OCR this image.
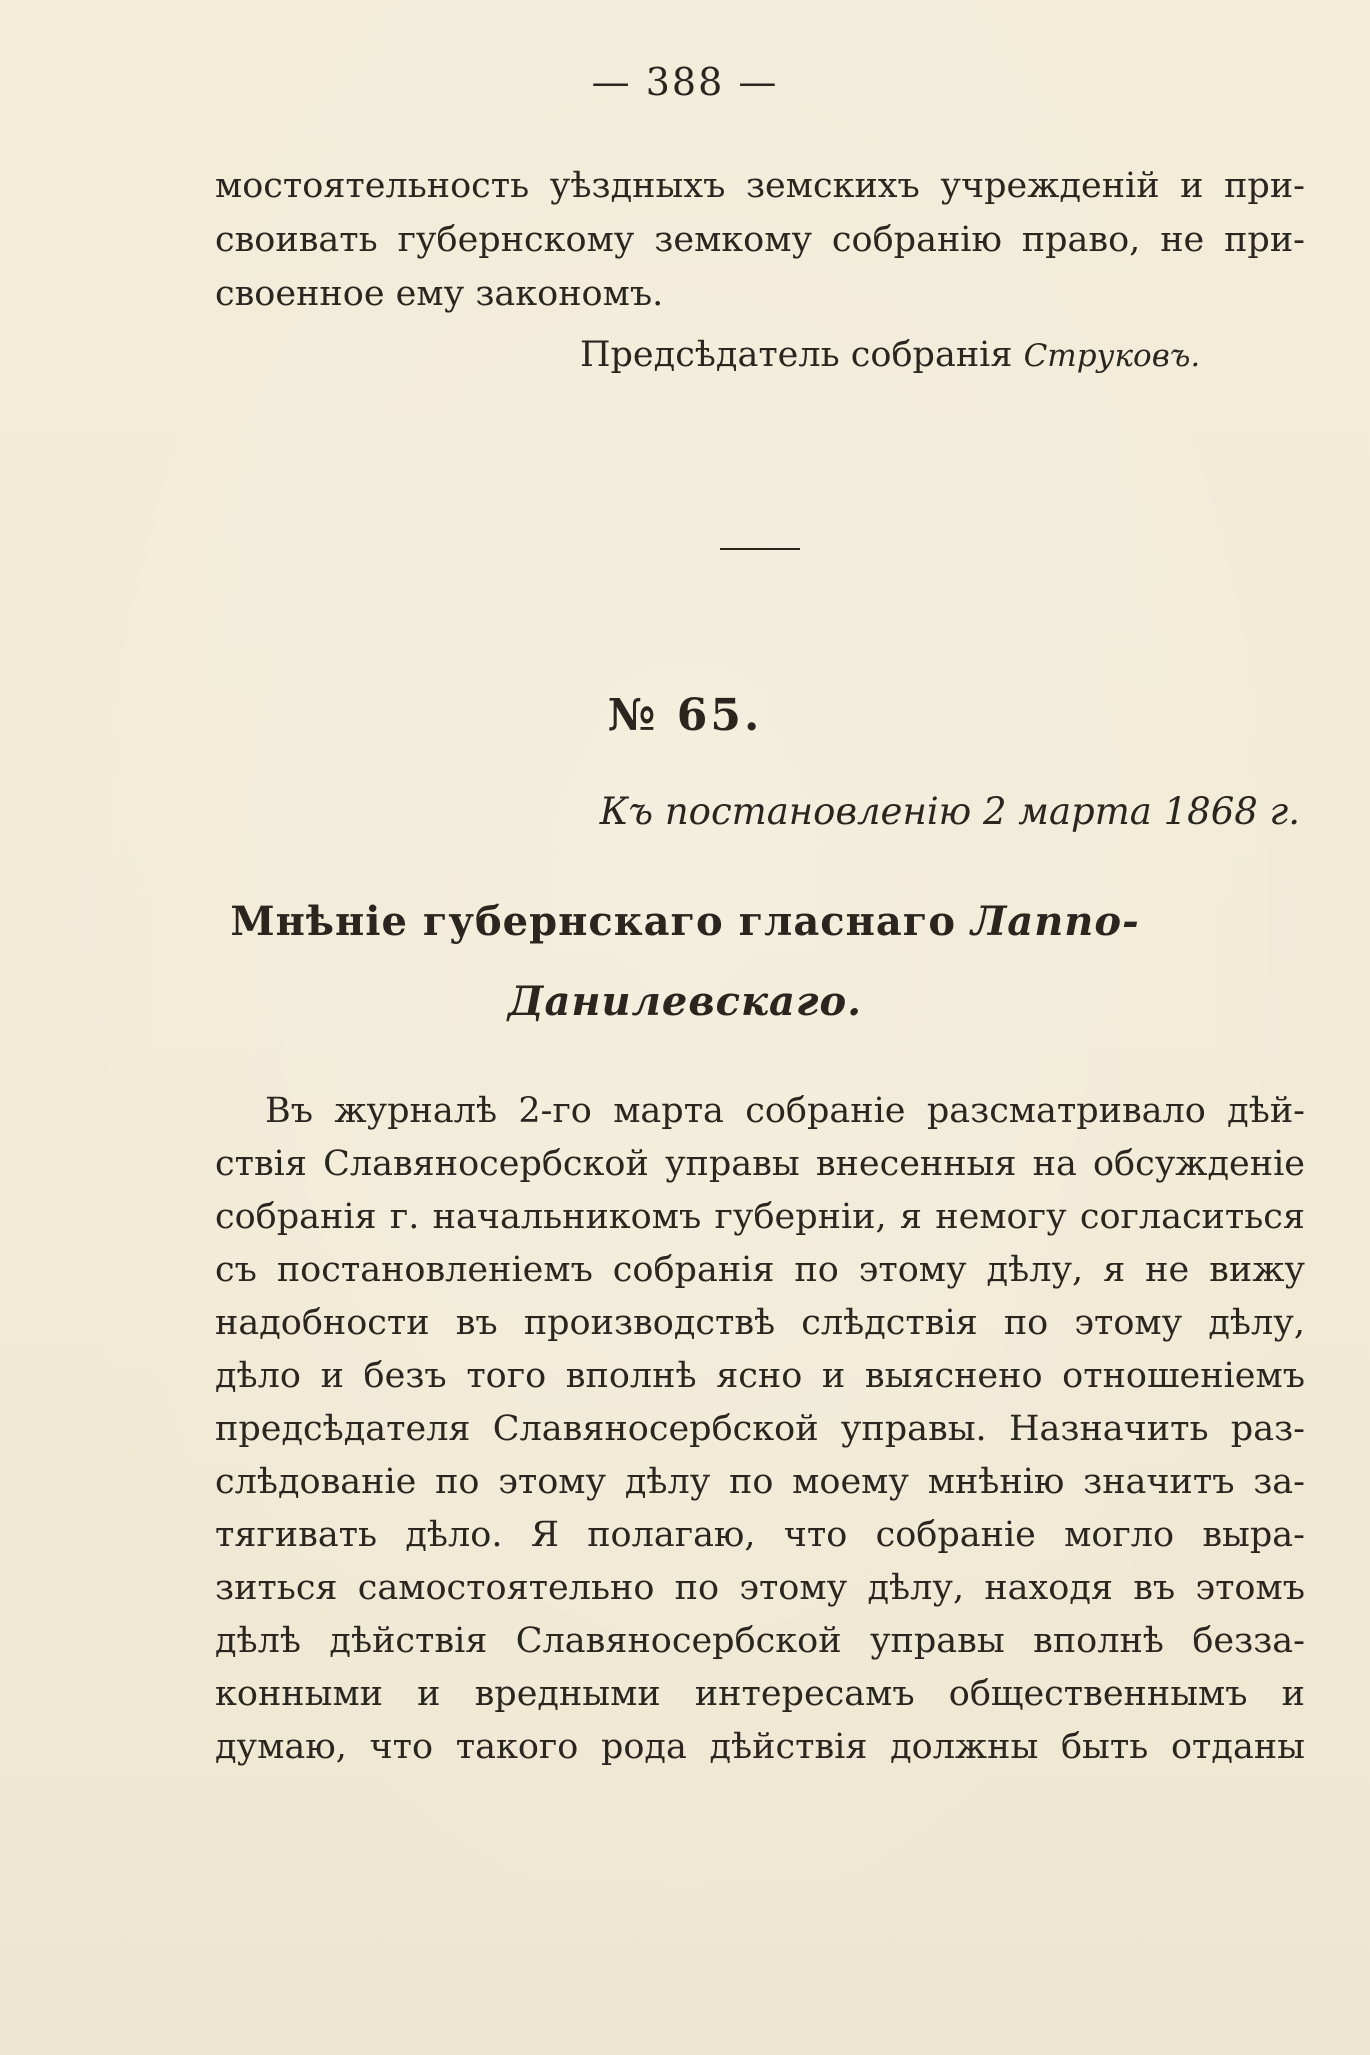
— 388 —
мостоятельность уѣздныхъ земскихъ учрежденій и при-
своивать губернскому земкому собранію право, не при-
своенное ему закономъ.
Предсѣдатель собранія Струковъ.
№ 65.
Къ постановленію 2 марта 1868 г.
Мнѣніе губернскаго гласнаго Лаппо-
Данилевскаго.
Въ журналѣ 2-го марта собраніе разсматривало дѣй-
ствія Славяносербской управы внесенныя на обсужденіе
собранія г. начальникомъ губерніи, я немогу согласиться
съ постановленіемъ собранія по этому дѣлу, я не вижу
надобности въ производствѣ слѣдствія по этому дѣлу,
дѣло и безъ того вполнѣ ясно и выяснено отношеніемъ
предсѣдателя Славяносербской управы. Назначить раз-
слѣдованіе по этому дѣлу по моему мнѣнію значитъ за-
тягивать дѣло. Я полагаю, что собраніе могло выра-
зиться самостоятельно по этому дѣлу, находя въ этомъ
дѣлѣ дѣйствія Славяносербской управы вполнѣ безза-
конными и вредными интересамъ общественнымъ и
думаю, что такого рода дѣйствія должны быть отданы
